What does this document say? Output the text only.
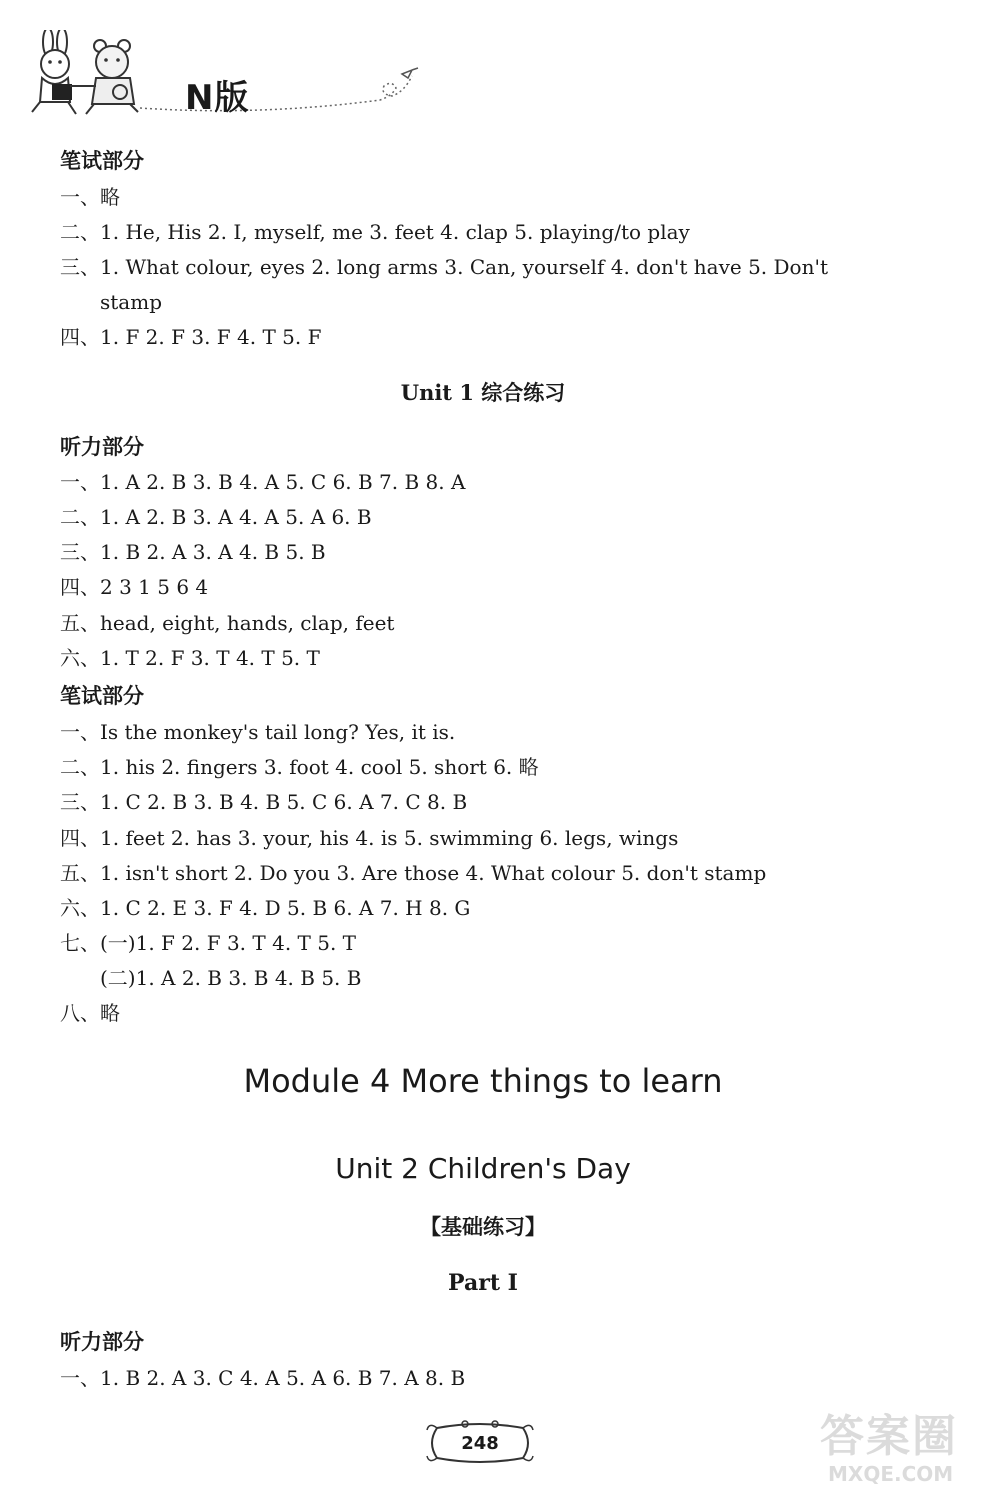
N版
笔试部分
一、略
二、1. He, His 2. I, myself, me 3. feet 4. clap 5. playing/to play
三、1. What colour, eyes 2. long arms 3. Can, yourself 4. don't have 5. Don't
stamp
四、1. F 2. F 3. F 4. T 5. F
Unit 1 综合练习
听力部分
一、1. A 2. B 3. B 4. A 5. C 6. B 7. B 8. A
二、1. A 2. B 3. A 4. A 5. A 6. B
三、1. B 2. A 3. A 4. B 5. B
四、2 3 1 5 6 4
五、head, eight, hands, clap, feet
六、1. T 2. F 3. T 4. T 5. T
笔试部分
一、Is the monkey's tail long? Yes, it is.
二、1. his 2. fingers 3. foot 4. cool 5. short 6. 略
三、1. C 2. B 3. B 4. B 5. C 6. A 7. C 8. B
四、1. feet 2. has 3. your, his 4. is 5. swimming 6. legs, wings
五、1. isn't short 2. Do you 3. Are those 4. What colour 5. don't stamp
六、1. C 2. E 3. F 4. D 5. B 6. A 7. H 8. G
七、(一)1. F 2. F 3. T 4. T 5. T
(二)1. A 2. B 3. B 4. B 5. B
八、略
Module 4 More things to learn
Unit 2 Children's Day
【基础练习】
Part Ⅰ
听力部分
一、1. B 2. A 3. C 4. A 5. A 6. B 7. A 8. B
248	答案圈
MXQE.COM
